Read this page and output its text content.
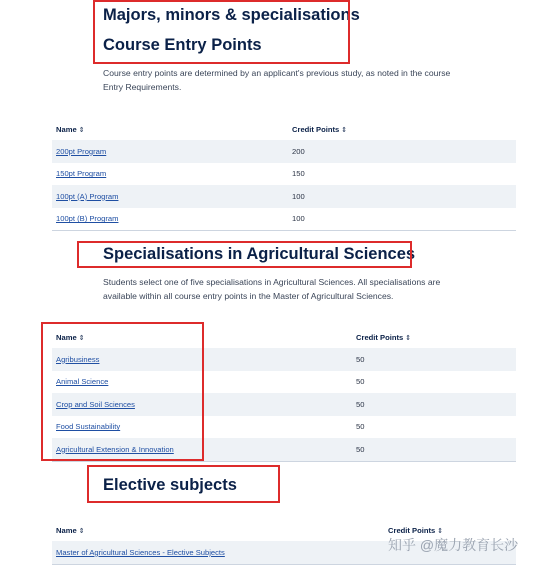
Majors, minors & specialisations
Course Entry Points
Course entry points are determined by an applicant's previous study, as noted in the course
Entry Requirements.
Name ⇕	Credit Points ⇕
200pt Program	200
150pt Program	150
100pt (A) Program	100
100pt (B) Program	100
Specialisations in Agricultural Sciences
Students select one of five specialisations in Agricultural Sciences. All specialisations are
available within all course entry points in the Master of Agricultural Sciences.
Name ⇕	Credit Points ⇕
Agribusiness	50
Animal Science	50
Crop and Soil Sciences	50
Food Sustainability	50
Agricultural Extension & Innovation	50
Elective subjects
Name ⇕	Credit Points ⇕
Master of Agricultural Sciences - Elective Subjects		知乎 @魔力教育长沙
